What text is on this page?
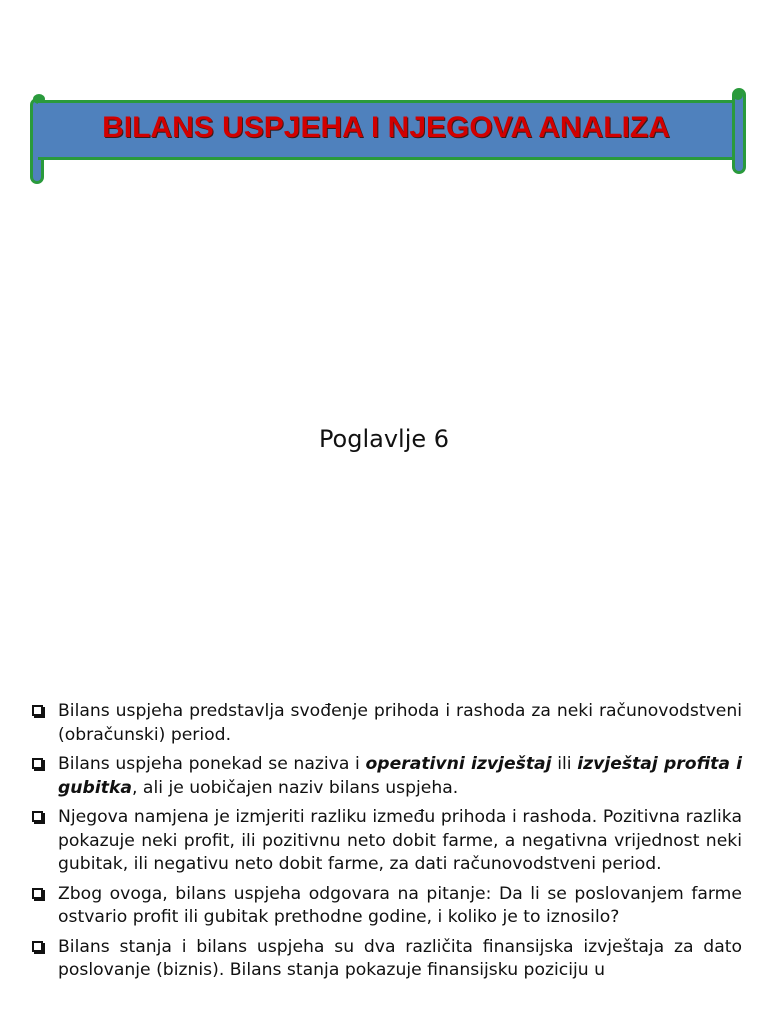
BILANS USPJEHA I NJEGOVA ANALIZA
Poglavlje 6
Bilans uspjeha predstavlja svođenje prihoda i rashoda za neki računovodstveni (obračunski) period.
Bilans uspjeha ponekad se naziva i operativni izvještaj ili izvještaj profita i gubitka, ali je uobičajen naziv bilans uspjeha.
Njegova namjena je izmjeriti razliku između prihoda i rashoda. Pozitivna razlika pokazuje neki profit, ili pozitivnu neto dobit farme, a negativna vrijednost neki gubitak, ili negativu neto dobit farme, za dati računovodstveni period.
Zbog ovoga, bilans uspjeha odgovara na pitanje: Da li se poslovanjem farme ostvario profit ili gubitak prethodne godine, i koliko je to iznosilo?
Bilans stanja i bilans uspjeha su dva različita finansijska izvještaja za dato poslovanje (biznis). Bilans stanja pokazuje finansijsku poziciju u
